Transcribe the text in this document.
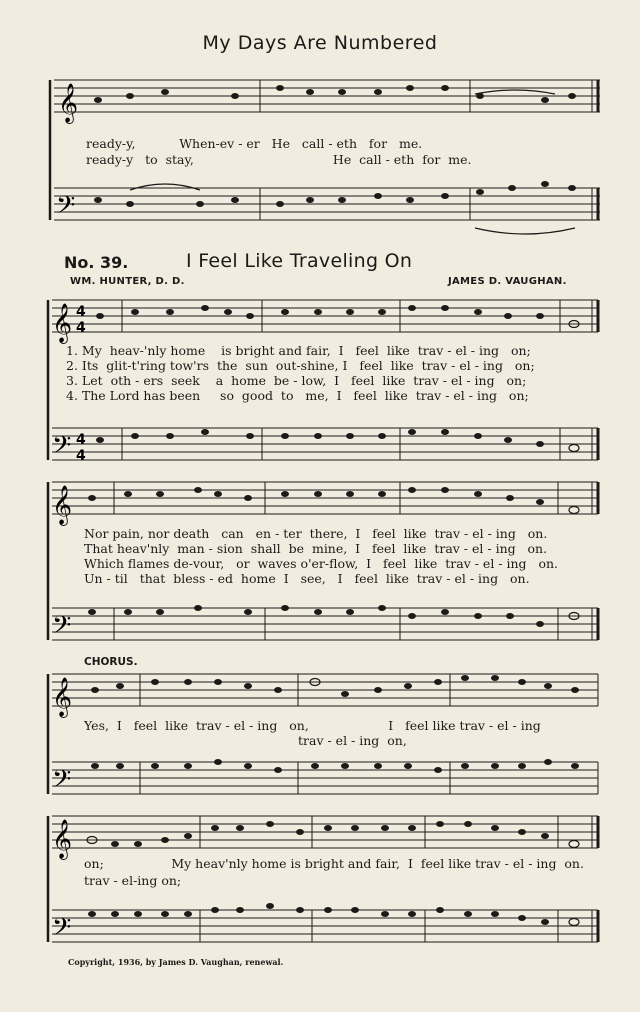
My Days Are Numbered
𝄞
𝄢
ready-y,           When-ev - er   He   call - eth   for   me.
ready-y   to  stay,                                   He  call - eth  for  me.
No. 39.	I Feel Like Traveling On
WM. HUNTER, D. D.	JAMES D. VAUGHAN.
𝄞 4
4
𝄢 4
4
1. My  heav-'nly home    is bright and fair,  I   feel  like  trav - el - ing   on;
2. Its  glit-t'ring tow'rs  the  sun  out-shine, I   feel  like  trav - el - ing   on;
3. Let  oth - ers  seek    a  home  be - low,  I   feel  like  trav - el - ing   on;
4. The Lord has been     so  good  to   me,  I   feel  like  trav - el - ing   on;
𝄞
𝄢
Nor pain, nor death   can   en - ter  there,  I   feel  like  trav - el - ing   on.
That heav'nly  man - sion  shall  be  mine,  I   feel  like  trav - el - ing   on.
Which flames de-vour,   or  waves o'er-flow,  I   feel  like  trav - el - ing   on.
Un - til   that  bless - ed  home  I   see,   I   feel  like  trav - el - ing   on.
CHORUS.
𝄞
𝄢
Yes,  I   feel  like  trav - el - ing   on,                    I   feel like trav - el - ing
trav - el - ing  on,
𝄞
𝄢
on;                 My heav'nly home is bright and fair,  I  feel like trav - el - ing  on.
trav - el-ing on;
Copyright, 1936, by James D. Vaughan, renewal.
